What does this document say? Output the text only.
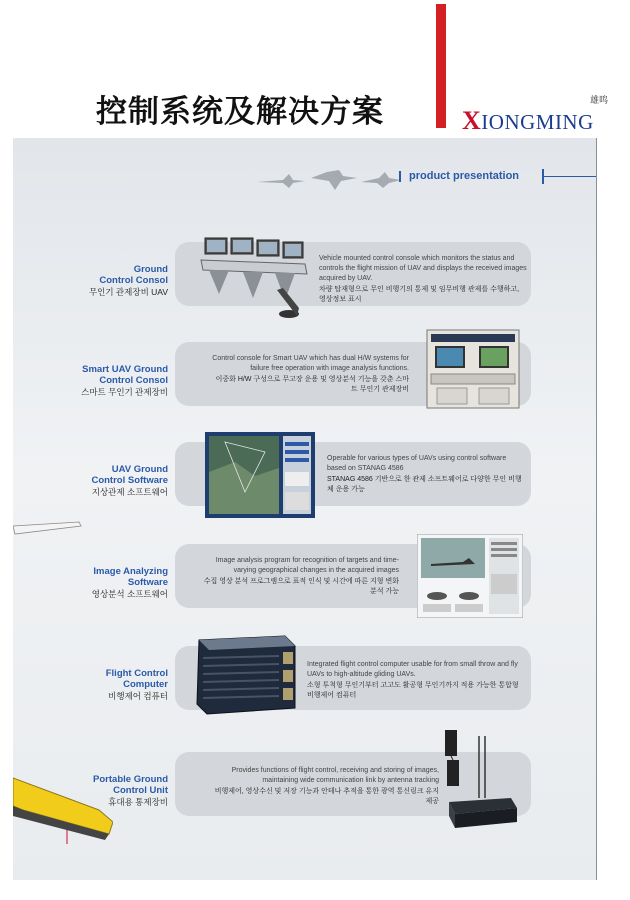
控制系统及解决方案	雄鸣
XIONGMING
product presentation
Ground
Control Consol
무인기 관제장비 UAV
Vehicle mounted control console which monitors the status and controls the flight mission of UAV and displays the received images acquired by UAV.
차량 탑재형으로 무인 비행기의 통제 및 임무비행 관제를 수행하고, 영상정보 표시
Smart UAV Ground
Control Consol
스마트 무인기 관제장비
Control console for Smart UAV which has dual H/W systems for failure free operation with image analysis functions.
이중화 H/W 구성으로 무고장 운용 및 영상분석 기능을 갖춘 스마트 무인기 관제장비
UAV Ground
Control Software
지상관제 소프트웨어
Operable for various types of UAVs using control software based on STANAG 4586
STANAG 4586 기반으로 한 관제 소프트웨어로 다양한 무인 비행체 운용 가능
Image Analyzing
Software
영상분석 소프트웨어
Image analysis program for recognition of targets and time-varying geographical changes in the acquired images
수집 영상 분석 프로그램으로 표적 인식 및 시간에 따른 지형 변화 분석 가능
Flight Control
Computer
비행제어 컴퓨터
Integrated flight control computer usable for from small throw and fly UAVs to high-altitude gliding UAVs.
소형 투척형 무인기부터 고고도 활공형 무인기까지 적용 가능한 통합형 비행제어 컴퓨터
Portable Ground
Control Unit
휴대용 통제장비
Provides functions of flight control, receiving and storing of images, maintaining wide communication link by antenna tracking
비행제어, 영상수신 및 저장 기능과 안테나 추적을 통한 광역 통신링크 유지 제공
